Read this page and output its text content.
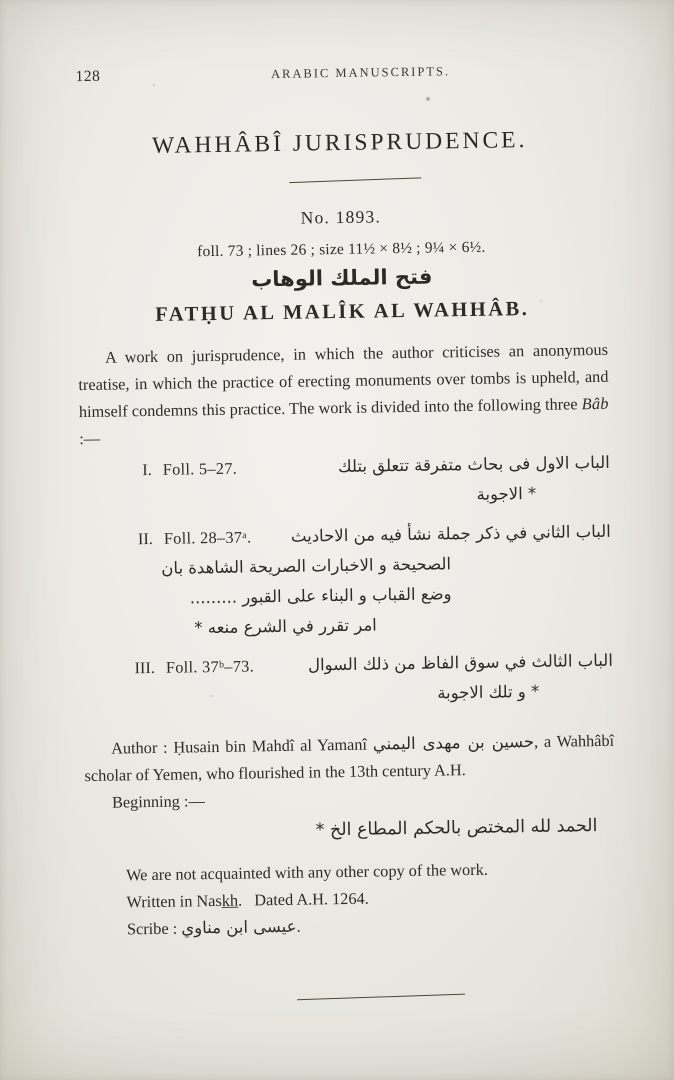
128	ARABIC MANUSCRIPTS.
WAHHÂBÎ JURISPRUDENCE.
No. 1893.

foll. 73 ; lines 26 ; size 11½ × 8½ ; 9¼ × 6½.

فتح الملك الوهاب

FATḤU AL MALÎK AL WAHHÂB.

A work on jurisprudence, in which the author criticises an anonymous treatise, in which the practice of erecting monuments over tombs is upheld, and himself condemns this practice. The work is divided into the following three Bâb :—

I. Foll. 5–27.	الباب الاول فى بحاث متفرقة تتعلق بتلك
* الاجوبة
II. Foll. 28–37ᵃ.	الباب الثاني في ذكر جملة نشأ فيه من الاحاديث
الصحيحة و الاخبارات الصريحة الشاهدة بان
وضع القباب و البناء على القبور .........
امر تقرر في الشرع منعه *
III. Foll. 37ᵇ–73.	الباب الثالث في سوق الفاظ من ذلك السوال
* و تلك الاجوبة

Author : Ḥusain bin Mahdî al Yamanî حسين بن مهدى اليمني, a Wahhâbî scholar of Yemen, who flourished in the 13th century A.H.

Beginning :—

الحمد لله المختص بالحكم المطاع الخ *

We are not acquainted with any other copy of the work.
Written in Nask̲h̲.  Dated A.H. 1264.
Scribe : عيسى ابن مناوي.
